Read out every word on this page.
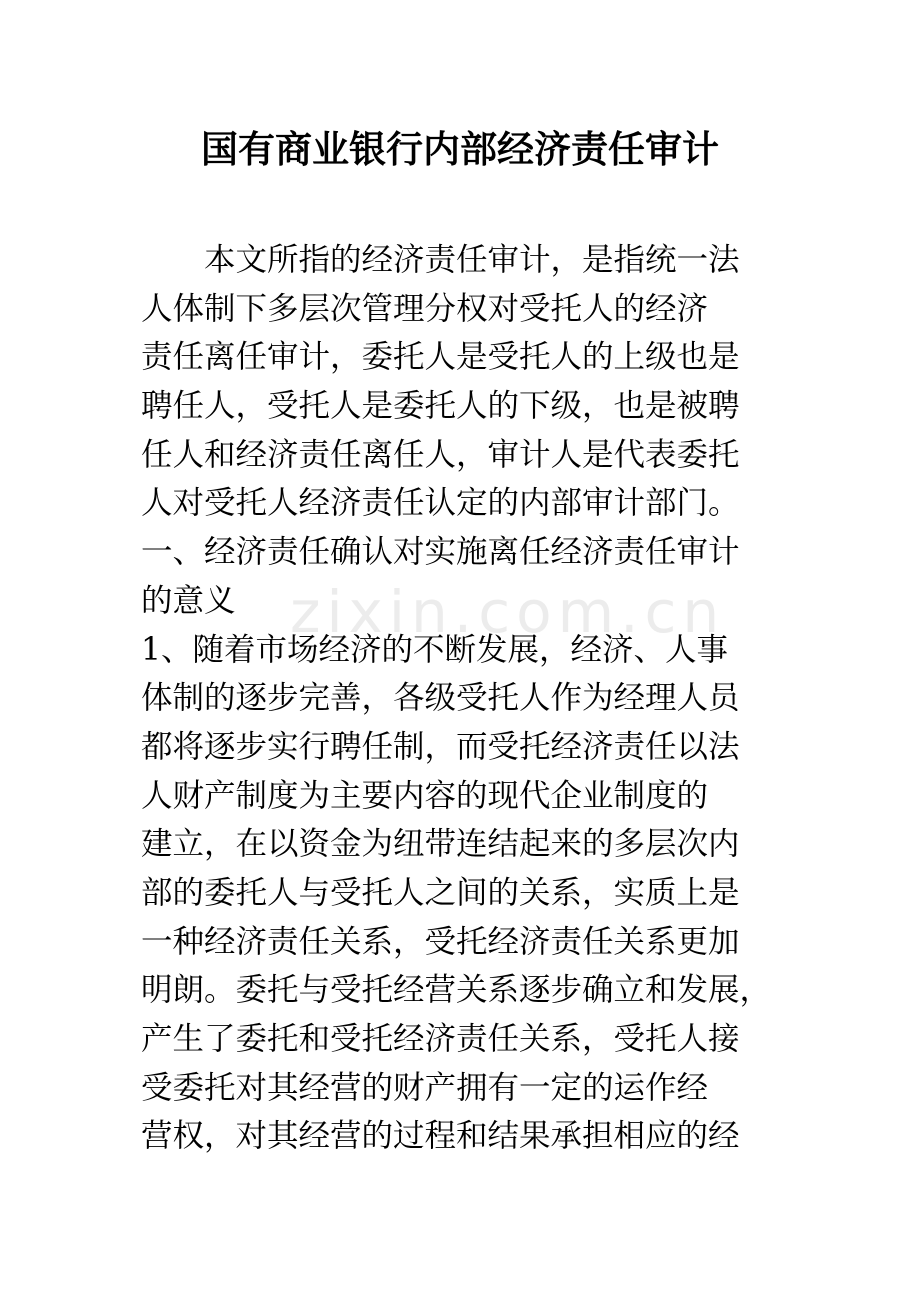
zixin.com.cn
国有商业银行内部经济责任审计
　　本文所指的经济责任审计，是指统一法
人体制下多层次管理分权对受托人的经济
责任离任审计，委托人是受托人的上级也是
聘任人，受托人是委托人的下级，也是被聘
任人和经济责任离任人，审计人是代表委托
人对受托人经济责任认定的内部审计部门。
一、经济责任确认对实施离任经济责任审计
的意义
1、随着市场经济的不断发展，经济、人事
体制的逐步完善，各级受托人作为经理人员
都将逐步实行聘任制，而受托经济责任以法
人财产制度为主要内容的现代企业制度的
建立，在以资金为纽带连结起来的多层次内
部的委托人与受托人之间的关系，实质上是
一种经济责任关系，受托经济责任关系更加
明朗。委托与受托经营关系逐步确立和发展，
产生了委托和受托经济责任关系，受托人接
受委托对其经营的财产拥有一定的运作经
营权，对其经营的过程和结果承担相应的经
